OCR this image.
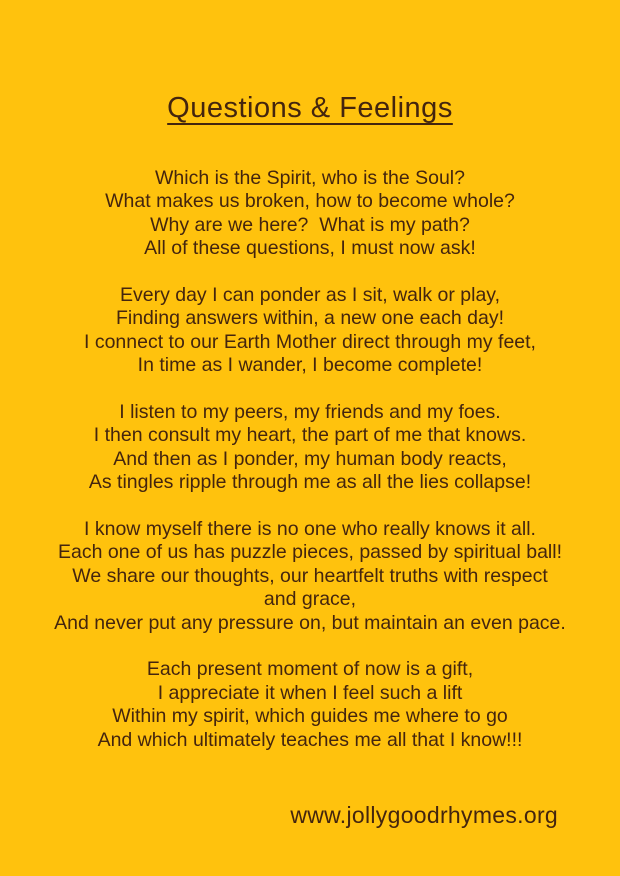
Questions & Feelings
Which is the Spirit, who is the Soul?
What makes us broken, how to become whole?
Why are we here?  What is my path?
All of these questions, I must now ask!
Every day I can ponder as I sit, walk or play,
Finding answers within, a new one each day!
I connect to our Earth Mother direct through my feet,
In time as I wander, I become complete!
I listen to my peers, my friends and my foes.
I then consult my heart, the part of me that knows.
And then as I ponder, my human body reacts,
As tingles ripple through me as all the lies collapse!
I know myself there is no one who really knows it all.
Each one of us has puzzle pieces, passed by spiritual ball!
We share our thoughts, our heartfelt truths with respect
and grace,
And never put any pressure on, but maintain an even pace.
Each present moment of now is a gift,
I appreciate it when I feel such a lift
Within my spirit, which guides me where to go
And which ultimately teaches me all that I know!!!
www.jollygoodrhymes.org
